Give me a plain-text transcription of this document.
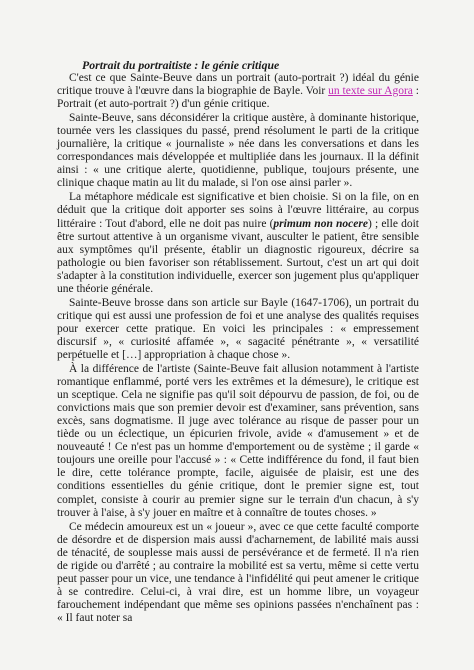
Portrait du portraitiste : le génie critique

C'est ce que Sainte-Beuve dans un portrait (auto-portrait ?) idéal du génie critique trouve à l'œuvre dans la biographie de Bayle. Voir un texte sur Agora : Portrait (et auto-portrait ?) d'un génie critique.

Sainte-Beuve, sans déconsidérer la critique austère, à dominante historique, tournée vers les classiques du passé, prend résolument le parti de la critique journalière, la critique « journaliste » née dans les conversations et dans les correspondances mais développée et multipliée dans les journaux. Il la définit ainsi : « une critique alerte, quotidienne, publique, toujours présente, une clinique chaque matin au lit du malade, si l'on ose ainsi parler ».

La métaphore médicale est significative et bien choisie. Si on la file, on en déduit que la critique doit apporter ses soins à l'œuvre littéraire, au corpus littéraire : Tout d'abord, elle ne doit pas nuire (primum non nocere) ; elle doit être surtout attentive à un organisme vivant, ausculter le patient, être sensible aux symptômes qu'il présente, établir un diagnostic rigoureux, décrire sa pathologie ou bien favoriser son rétablissement. Surtout, c'est un art qui doit s'adapter à la constitution individuelle, exercer son jugement plus qu'appliquer une théorie générale.

Sainte-Beuve brosse dans son article sur Bayle (1647-1706), un portrait du critique qui est aussi une profession de foi et une analyse des qualités requises pour exercer cette pratique. En voici les principales : « empressement discursif », « curiosité affamée », « sagacité pénétrante », « versatilité perpétuelle et […] appropriation à chaque chose ».

À la différence de l'artiste (Sainte-Beuve fait allusion notamment à l'artiste romantique enflammé, porté vers les extrêmes et la démesure), le critique est un sceptique. Cela ne signifie pas qu'il soit dépourvu de passion, de foi, ou de convictions mais que son premier devoir est d'examiner, sans prévention, sans excès, sans dogmatisme. Il juge avec tolérance au risque de passer pour un tiède ou un éclectique, un épicurien frivole, avide « d'amusement » et de nouveauté ! Ce n'est pas un homme d'emportement ou de système ; il garde « toujours une oreille pour l'accusé » : « Cette indifférence du fond, il faut bien le dire, cette tolérance prompte, facile, aiguisée de plaisir, est une des conditions essentielles du génie critique, dont le premier signe est, tout complet, consiste à courir au premier signe sur le terrain d'un chacun, à s'y trouver à l'aise, à s'y jouer en maître et à connaître de toutes choses. »

Ce médecin amoureux est un « joueur », avec ce que cette faculté comporte de désordre et de dispersion mais aussi d'acharnement, de labilité mais aussi de ténacité, de souplesse mais aussi de persévérance et de fermeté. Il n'a rien de rigide ou d'arrêté ; au contraire la mobilité est sa vertu, même si cette vertu peut passer pour un vice, une tendance à l'infidélité qui peut amener le critique à se contredire. Celui-ci, à vrai dire, est un homme libre, un voyageur farouchement indépendant que même ses opinions passées n'enchaînent pas : « Il faut noter sa
